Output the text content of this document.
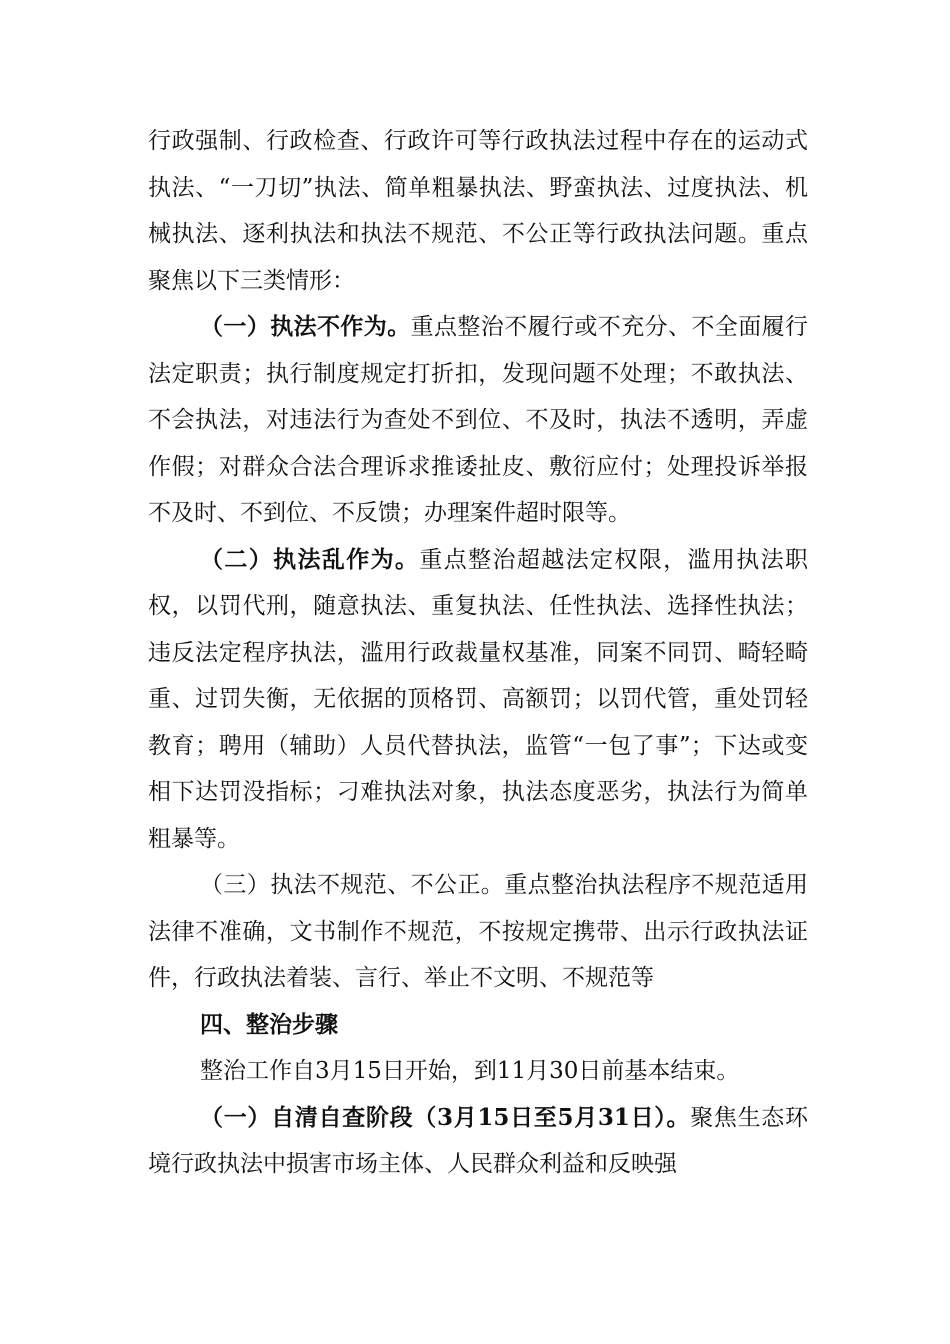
行政强制、行政检查、行政许可等行政执法过程中存在的运动式执法、“一刀切”执法、简单粗暴执法、野蛮执法、过度执法、机械执法、逐利执法和执法不规范、不公正等行政执法问题。重点聚焦以下三类情形：

（一）执法不作为。重点整治不履行或不充分、不全面履行法定职责；执行制度规定打折扣，发现问题不处理；不敢执法、不会执法，对违法行为查处不到位、不及时，执法不透明，弄虚作假；对群众合法合理诉求推诿扯皮、敷衍应付；处理投诉举报不及时、不到位、不反馈；办理案件超时限等。

（二）执法乱作为。重点整治超越法定权限，滥用执法职权，以罚代刑，随意执法、重复执法、任性执法、选择性执法；违反法定程序执法，滥用行政裁量权基准，同案不同罚、畸轻畸重、过罚失衡，无依据的顶格罚、高额罚；以罚代管，重处罚轻教育；聘用（辅助）人员代替执法，监管“一包了事”；下达或变相下达罚没指标；刁难执法对象，执法态度恶劣，执法行为简单粗暴等。

（三）执法不规范、不公正。重点整治执法程序不规范适用法律不准确，文书制作不规范，不按规定携带、出示行政执法证件，行政执法着装、言行、举止不文明、不规范等

四、整治步骤

整治工作自3月15日开始，到11月30日前基本结束。

（一）自清自查阶段（3月15日至5月31日）。聚焦生态环境行政执法中损害市场主体、人民群众利益和反映强
